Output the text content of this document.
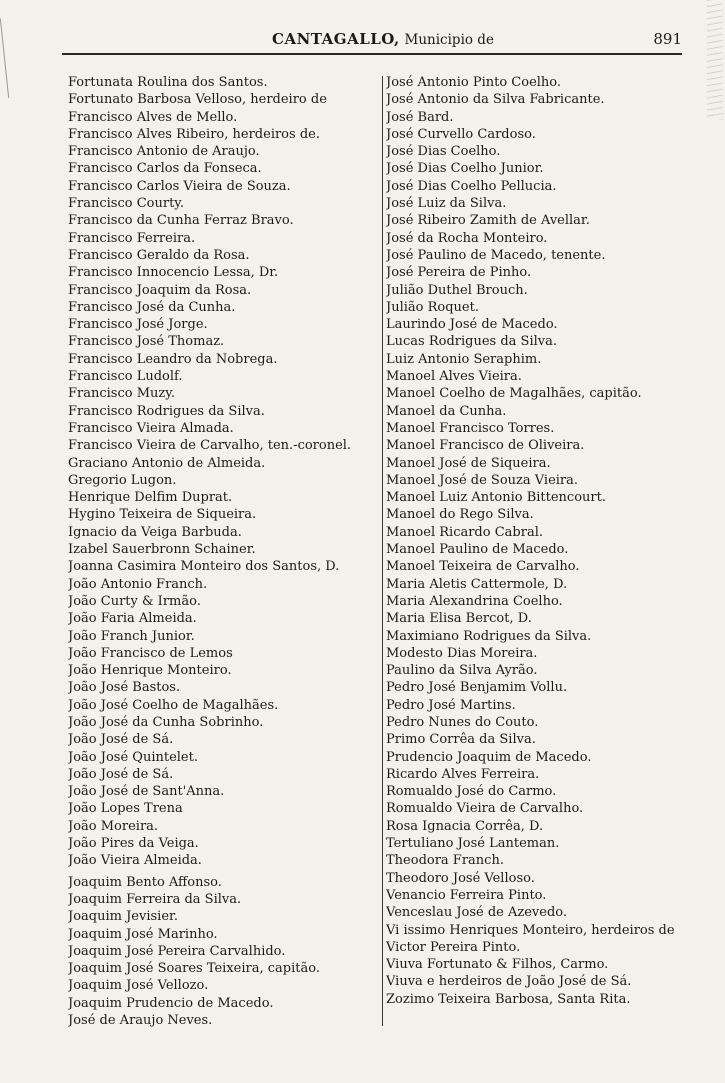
CANTAGALLO, Municipio de	891
Fortunata Roulina dos Santos.
Fortunato Barbosa Velloso, herdeiro de
Francisco Alves de Mello.
Francisco Alves Ribeiro, herdeiros de.
Francisco Antonio de Araujo.
Francisco Carlos da Fonseca.
Francisco Carlos Vieira de Souza.
Francisco Courty.
Francisco da Cunha Ferraz Bravo.
Francisco Ferreira.
Francisco Geraldo da Rosa.
Francisco Innocencio Lessa, Dr.
Francisco Joaquim da Rosa.
Francisco José da Cunha.
Francisco José Jorge.
Francisco José Thomaz.
Francisco Leandro da Nobrega.
Francisco Ludolf.
Francisco Muzy.
Francisco Rodrigues da Silva.
Francisco Vieira Almada.
Francisco Vieira de Carvalho, ten.-coronel.
Graciano Antonio de Almeida.
Gregorio Lugon.
Henrique Delfim Duprat.
Hygino Teixeira de Siqueira.
Ignacio da Veiga Barbuda.
Izabel Sauerbronn Schainer.
Joanna Casimira Monteiro dos Santos, D.
João Antonio Franch.
João Curty & Irmão.
João Faria Almeida.
João Franch Junior.
João Francisco de Lemos
João Henrique Monteiro.
João José Bastos.
João José Coelho de Magalhães.
João José da Cunha Sobrinho.
João José de Sá.
João José Quintelet.
João José de Sá.
João José de Sant'Anna.
João Lopes Trena
João Moreira.
João Pires da Veiga.
João Vieira Almeida.
Joaquim Bento Affonso.
Joaquim Ferreira da Silva.
Joaquim Jevisier.
Joaquim José Marinho.
Joaquim José Pereira Carvalhido.
Joaquim José Soares Teixeira, capitão.
Joaquim José Vellozo.
Joaquim Prudencio de Macedo.
José de Araujo Neves.
José Antonio Pinto Coelho.
José Antonio da Silva Fabricante.
José Bard.
José Curvello Cardoso.
José Dias Coelho.
José Dias Coelho Junior.
José Dias Coelho Pellucia.
José Luiz da Silva.
José Ribeiro Zamith de Avellar.
José da Rocha Monteiro.
José Paulino de Macedo, tenente.
José Pereira de Pinho.
Julião Duthel Brouch.
Julião Roquet.
Laurindo José de Macedo.
Lucas Rodrigues da Silva.
Luiz Antonio Seraphim.
Manoel Alves Vieira.
Manoel Coelho de Magalhães, capitão.
Manoel da Cunha.
Manoel Francisco Torres.
Manoel Francisco de Oliveira.
Manoel José de Siqueira.
Manoel José de Souza Vieira.
Manoel Luiz Antonio Bittencourt.
Manoel do Rego Silva.
Manoel Ricardo Cabral.
Manoel Paulino de Macedo.
Manoel Teixeira de Carvalho.
Maria Aletis Cattermole, D.
Maria Alexandrina Coelho.
Maria Elisa Bercot, D.
Maximiano Rodrigues da Silva.
Modesto Dias Moreira.
Paulino da Silva Ayrão.
Pedro José Benjamim Vollu.
Pedro José Martins.
Pedro Nunes do Couto.
Primo Corrêa da Silva.
Prudencio Joaquim de Macedo.
Ricardo Alves Ferreira.
Romualdo José do Carmo.
Romualdo Vieira de Carvalho.
Rosa Ignacia Corrêa, D.
Tertuliano José Lanteman.
Theodora Franch.
Theodoro José Velloso.
Venancio Ferreira Pinto.
Venceslau José de Azevedo.
Vi issimo Henriques Monteiro, herdeiros de
Victor Pereira Pinto.
Viuva Fortunato & Filhos, Carmo.
Viuva e herdeiros de João José de Sá.
Zozimo Teixeira Barbosa, Santa Rita.
